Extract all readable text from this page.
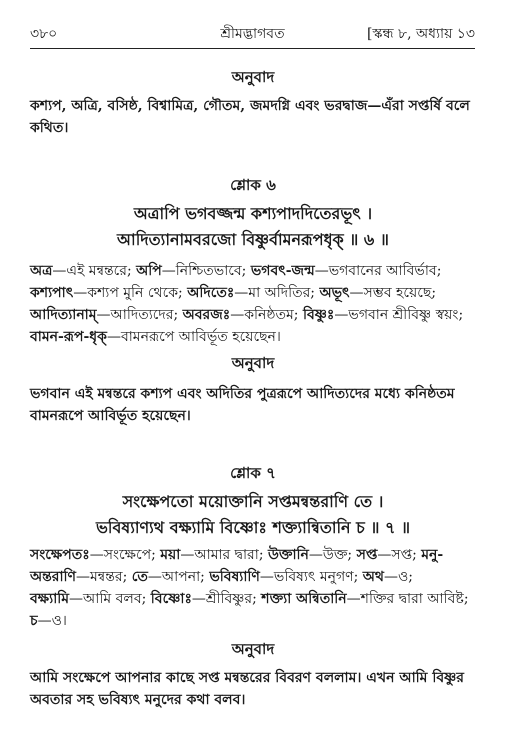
৩৮০	শ্রীমদ্ভাগবত	[স্কন্ধ ৮, অধ্যায় ১৩
অনুবাদ
কশ্যপ, অত্রি, বসিষ্ঠ, বিশ্বামিত্র, গৌতম, জমদগ্নি এবং ভরদ্বাজ—এঁরা সপ্তর্ষি বলে
কথিত।
শ্লোক ৬
অত্রাপি ভগবজ্জন্ম কশ্যপাদদিতেরভূৎ ।
আদিত্যানামবরজো বিষ্ণুর্বামনরূপধৃক্ ॥ ৬ ॥
অত্র—এই মন্বন্তরে; অপি—নিশ্চিতভাবে; ভগবৎ-জন্ম—ভগবানের আবির্ভাব;
কশ্যপাৎ—কশ্যপ মুনি থেকে; অদিতেঃ—মা অদিতির; অভূৎ—সম্ভব হয়েছে;
আদিত্যানাম্—আদিত্যদের; অবরজঃ—কনিষ্ঠতম; বিষ্ণুঃ—ভগবান শ্রীবিষ্ণু স্বয়ং;
বামন-রূপ-ধৃক্—বামনরূপে আবির্ভূত হয়েছেন।
অনুবাদ
ভগবান এই মন্বন্তরে কশ্যপ এবং অদিতির পুত্ররূপে আদিত্যদের মধ্যে কনিষ্ঠতম
বামনরূপে আবির্ভূত হয়েছেন।
শ্লোক ৭
সংক্ষেপতো ময়োক্তানি সপ্তমন্বন্তরাণি তে ।
ভবিষ্যাণ্যথ বক্ষ্যামি বিষ্ণোঃ শক্ত্যান্বিতানি চ ॥ ৭ ॥
সংক্ষেপতঃ—সংক্ষেপে; ময়া—আমার দ্বারা; উক্তানি—উক্ত; সপ্ত—সপ্ত; মনু-
অন্তরাণি—মন্বন্তর; তে—আপনা; ভবিষ্যাণি—ভবিষ্যৎ মনুগণ; অথ—ও;
বক্ষ্যামি—আমি বলব; বিষ্ণোঃ—শ্রীবিষ্ণুর; শক্ত্যা অন্বিতানি—শক্তির দ্বারা আবিষ্ট;
চ—ও।
অনুবাদ
আমি সংক্ষেপে আপনার কাছে সপ্ত মন্বন্তরের বিবরণ বললাম। এখন আমি বিষ্ণুর
অবতার সহ ভবিষ্যৎ মনুদের কথা বলব।
